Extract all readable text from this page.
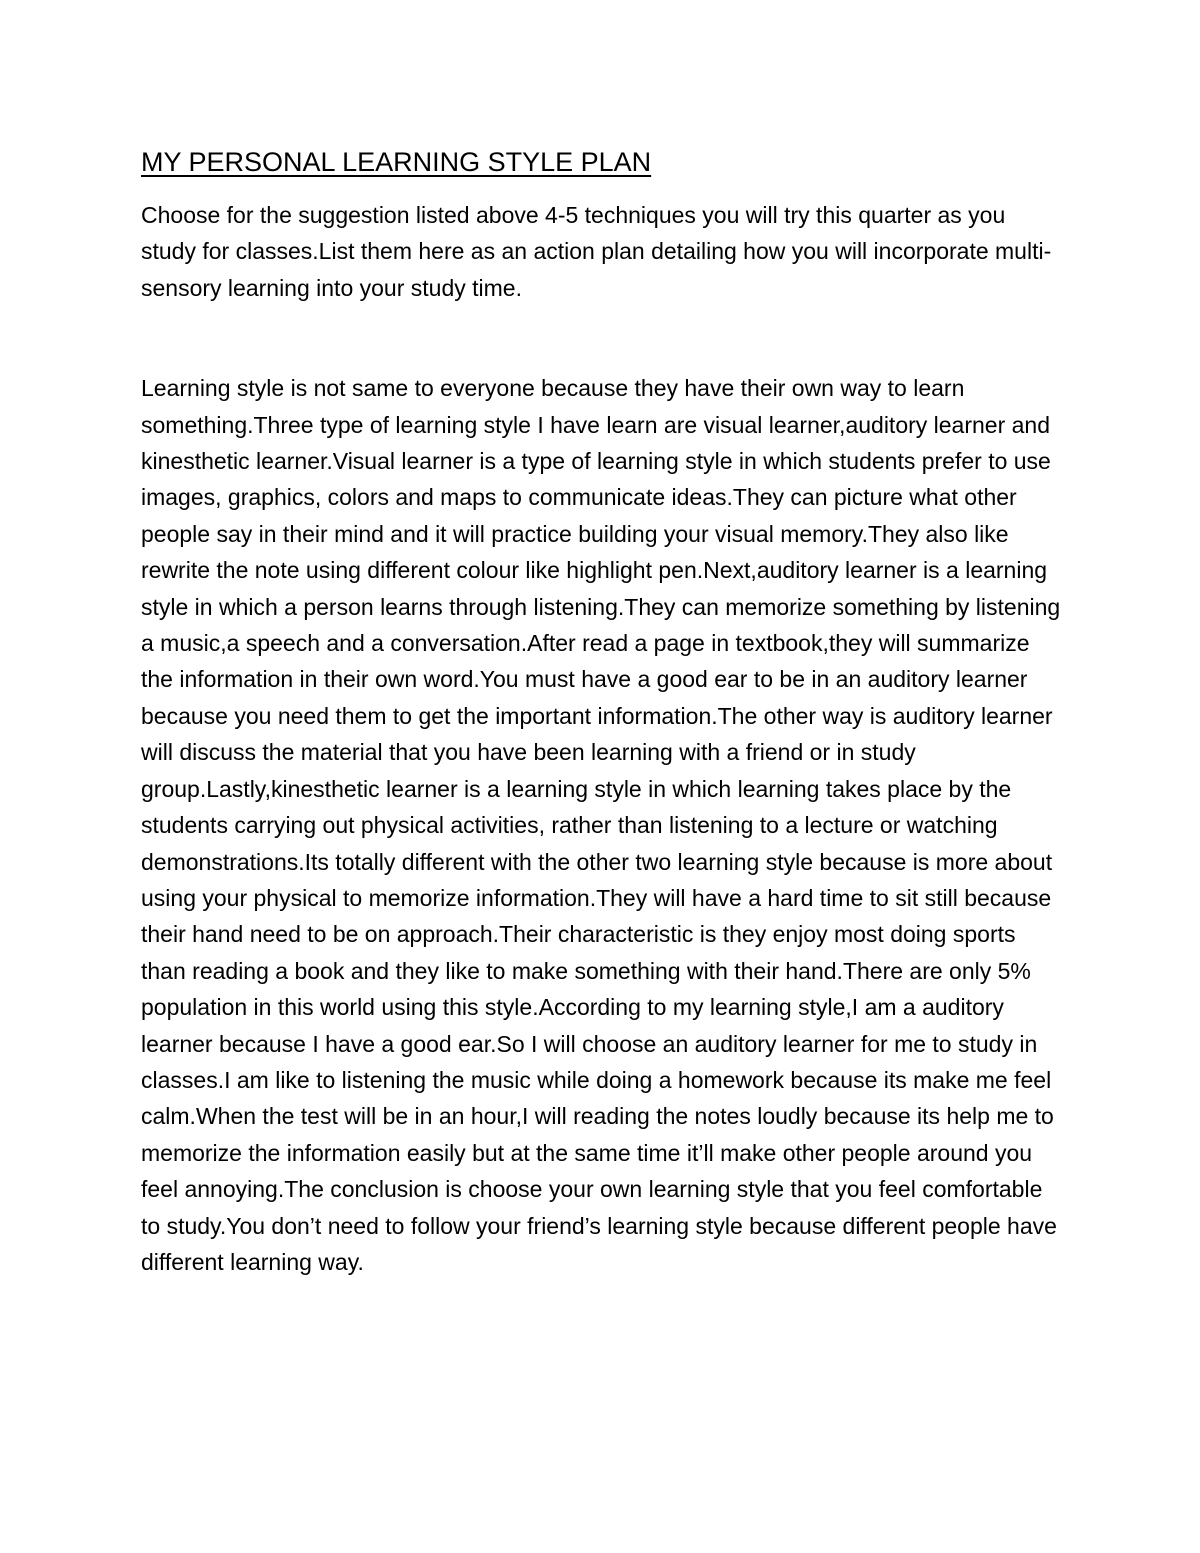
MY PERSONAL LEARNING STYLE PLAN

Choose for the suggestion listed above 4-5 techniques you will try this quarter as you study for classes.List them here as an action plan detailing how you will incorporate multi-sensory learning into your study time.

Learning style is not same to everyone because they have their own way to learn something.Three type of learning style I have learn are visual learner,auditory learner and kinesthetic learner.Visual learner is a type of learning style in which students prefer to use images, graphics, colors and maps to communicate ideas.They can picture what other people say in their mind and it will practice building your visual memory.They also like rewrite the note using different colour like highlight pen.Next,auditory learner is a learning style in which a person learns through listening.They can memorize something by listening a music,a speech and a conversation.After read a page in textbook,they will summarize the information in their own word.You must have a good ear to be in an auditory learner because you need them to get the important information.The other way is auditory learner will discuss the material that you have been learning with a friend or in study group.Lastly,kinesthetic learner is a learning style in which learning takes place by the students carrying out physical activities, rather than listening to a lecture or watching demonstrations.Its totally different with the other two learning style because is more about using your physical to memorize information.They will have a hard time to sit still because their hand need to be on approach.Their characteristic is they enjoy most doing sports than reading a book and they like to make something with their hand.There are only 5% population in this world using this style.According to my learning style,I am a auditory learner because I have a good ear.So I will choose an auditory learner for me to study in classes.I am like to listening the music while doing a homework because its make me feel calm.When the test will be in an hour,I will reading the notes loudly because its help me to memorize the information easily but at the same time it’ll make other people around you feel annoying.The conclusion is choose your own learning style that you feel comfortable to study.You don’t need to follow your friend’s learning style because different people have different learning way.
